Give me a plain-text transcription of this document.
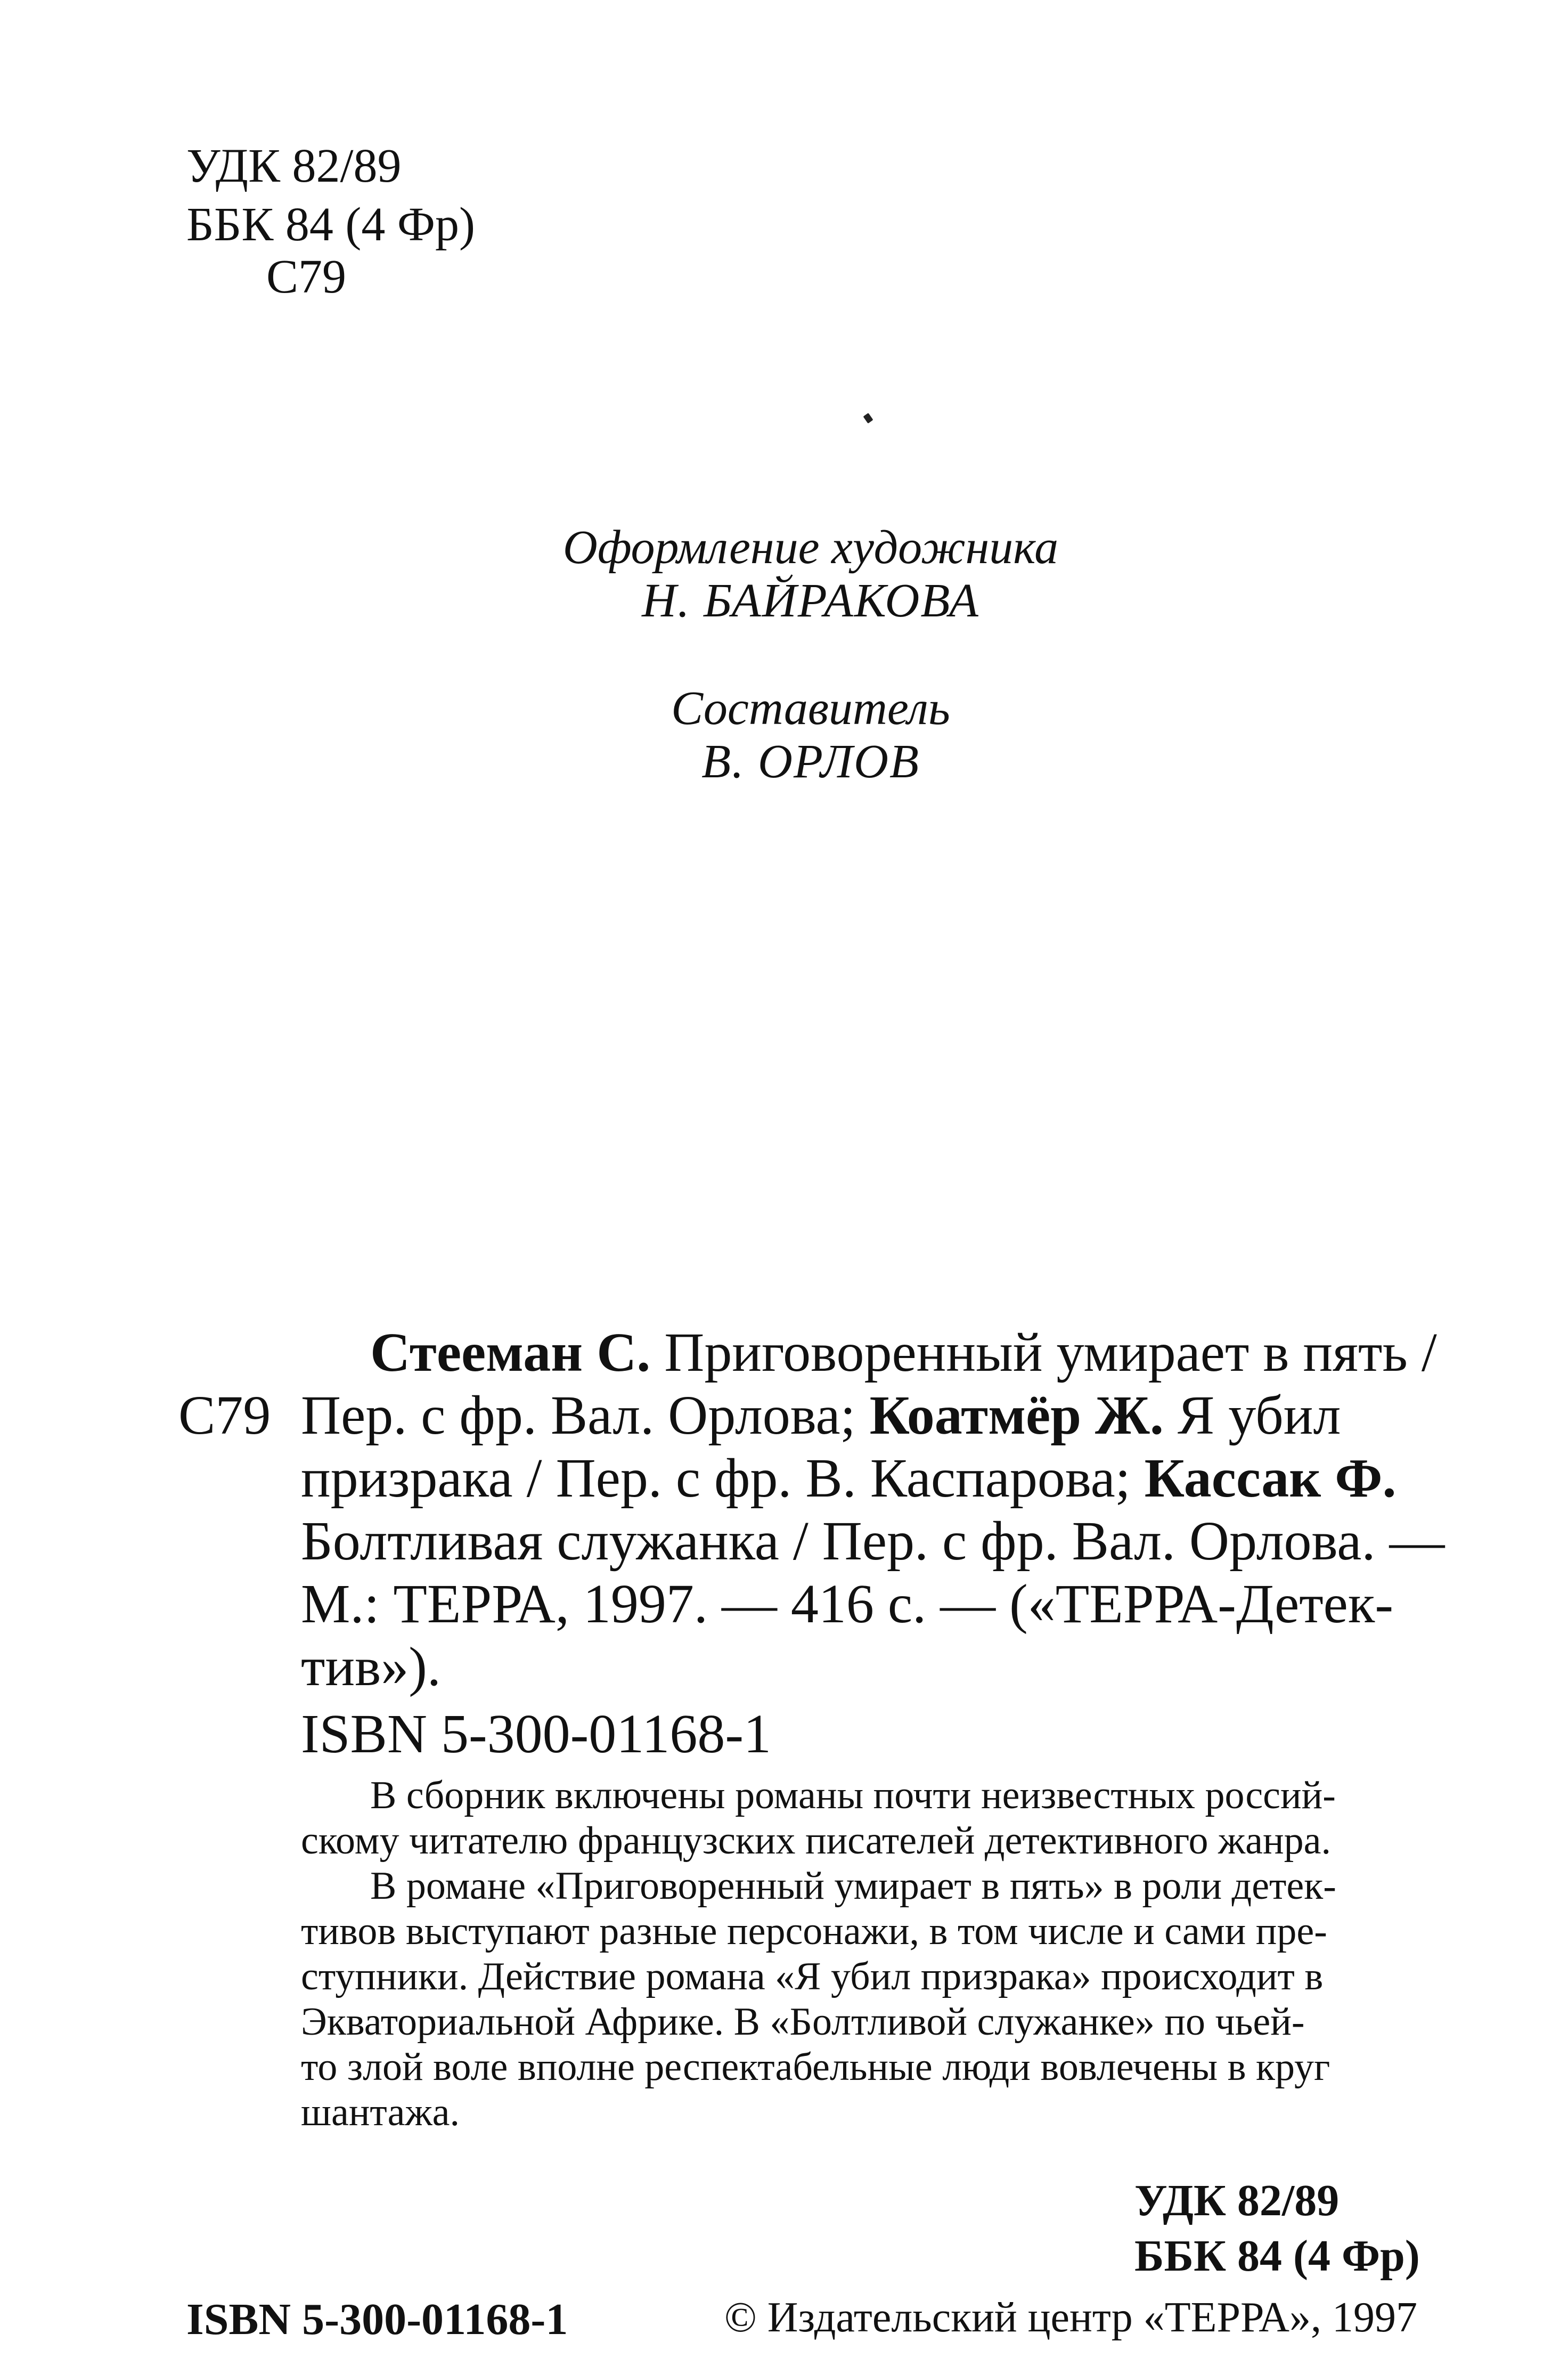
УДК 82/89
ББК 84 (4 Фр)
С79
Оформление художника
Н. БАЙРАКОВА
Составитель
В. ОРЛОВ
Стееман С. Приговоренный умирает в пять /
С79 Пер. с фр. Вал. Орлова; Коатмёр Ж. Я убил
призрака / Пер. с фр. В. Каспарова; Кассак Ф.
Болтливая служанка / Пер. с фр. Вал. Орлова. —
М.: ТЕРРА, 1997. — 416 с. — («ТЕРРА-Детек-
тив»).
ISBN 5-300-01168-1
В сборник включены романы почти неизвестных россий-
скому читателю французских писателей детективного жанра.
В романе «Приговоренный умирает в пять» в роли детек-
тивов выступают разные персонажи, в том числе и сами пре-
ступники. Действие романа «Я убил призрака» происходит в
Экваториальной Африке. В «Болтливой служанке» по чьей-
то злой воле вполне респектабельные люди вовлечены в круг
шантажа.
УДК 82/89
ББК 84 (4 Фр)
ISBN 5-300-01168-1	© Издательский центр «ТЕРРА», 1997
